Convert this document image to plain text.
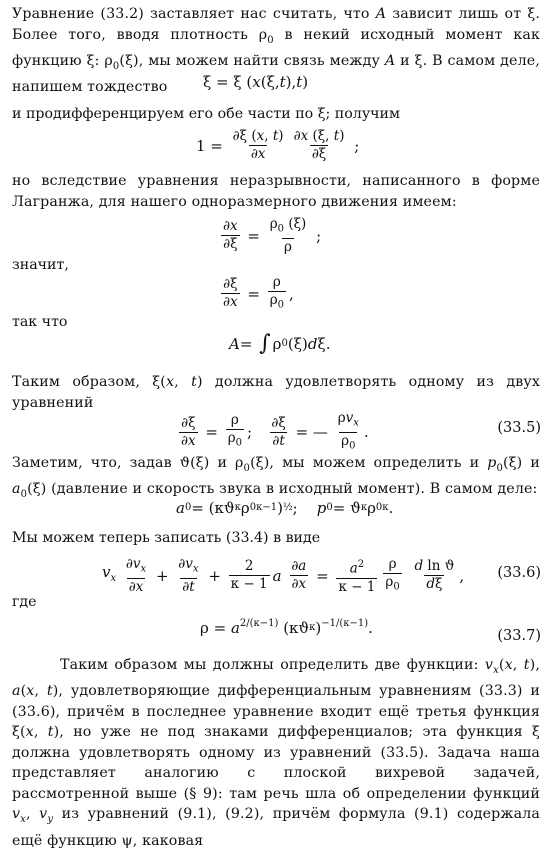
Уравнение (33.2) заставляет нас считать, что A зависит лишь от ξ. Более того, вводя плотность $\rho_0$ в некий исходный момент как функцию ξ: $\rho_0(\xi)$, мы можем найти связь между A и ξ. В самом деле, напишем тождество	ξ = ξ ( x (ξ, t ), t )
и продифференцируем его обе части по ξ; получим
$1 = \frac{\partial\xi (x, t)}{\partial x} \frac{\partial x (\xi, t)}{\partial\xi}$ ;
но вследствие уравнения неразрывности, написанного в форме Лагранжа, для нашего одноразмерного движения имеем:
$\frac{\partial x}{\partial\xi} = \frac{\rho_0 (\xi)}{\rho}$ ;
значит,
$\frac{\partial\xi}{\partial x} = \frac{\rho}{\rho_0}$ ,
так что
A = ∫ ρ 0 (ξ) d ξ.
Таким образом, ξ(x, t) должна удовлетворять одному из двух уравнений
$\frac{\partial\xi}{\partial x} = \frac{\rho}{\rho_0}$ ; $\frac{\partial\xi}{\partial t}$ = — $\frac{\rho v_x}{\rho_0}$ .	(33.5)
Заметим, что, задав ϑ(ξ) и $\rho_0(\xi)$, мы можем определить и $p_0(\xi)$ и $a_0(\xi)$ (давление и скорость звука в исходный момент). В самом деле:
a 0 = (κϑ κ ρ 0 κ−1 ) ½ ; p 0 = ϑ κ ρ 0 κ .
Мы можем теперь записать (33.4) в виде
$v_x$
$\frac{\partial v_x}{\partial x} + \frac{\partial v_x}{\partial t} + \frac{2}{\kappa - 1}$ a
$\frac{\partial a}{\partial x} = \frac{a^2}{\kappa - 1} \frac{\rho}{\rho_0}$
$\frac{\text{d ln ϑ}}{d\xi}$ , (33.6)
где
$\rho = a^{2/(\kappa-1)}$ ($\kappa ϑ_\kappa$ )$^{-1/(\kappa-1)}$ .	(33.7)
Таким образом мы должны определить две функции: $v_x(x$, t), a(x, t), удовлетворяющие дифференциальным уравнениям (33.3) и (33.6), причём в последнее уравнение входит ещё третья функция ξ(x, t), но уже не под знаками дифференциалов; эта функция ξ должна удовлетворять одному из уравнений (33.5). Задача наша представляет аналогию с плоской вихревой задачей, рассмотренной выше (§ 9): там речь шла об определении функций $v_x$, $v_y$ из уравнений (9.1), (9.2), причём формула (9.1) содержала ещё функцию ψ, каковая
